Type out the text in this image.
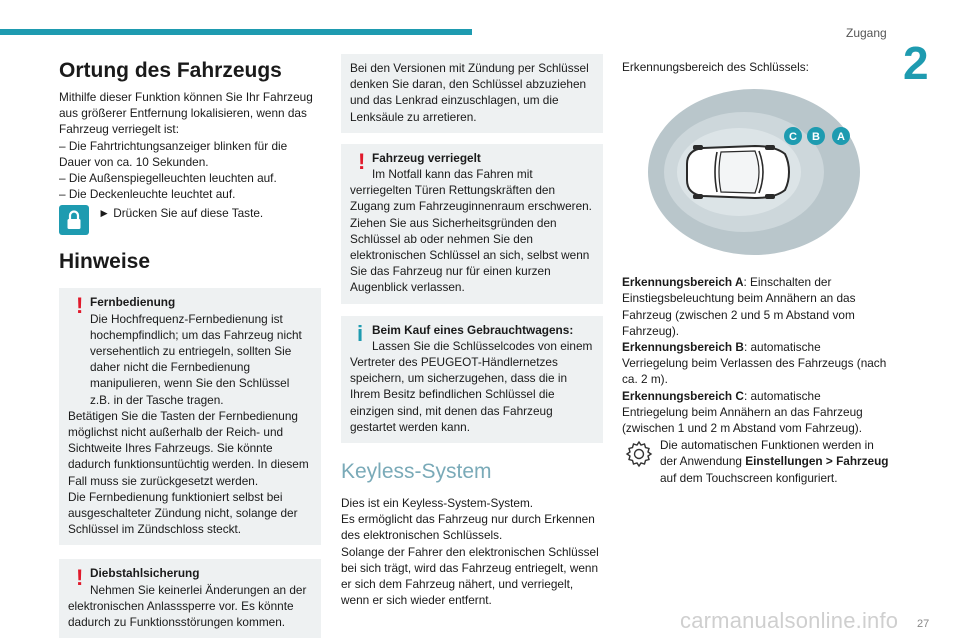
Zugang
2
Ortung des Fahrzeugs

Mithilfe dieser Funktion können Sie Ihr Fahrzeug aus größerer Entfernung lokalisieren, wenn das Fahrzeug verriegelt ist:

– Die Fahrtrichtungsanzeiger blinken für die Dauer von ca. 10 Sekunden.

– Die Außenspiegelleuchten leuchten auf.

– Die Deckenleuchte leuchtet auf.

► Drücken Sie auf diese Taste.
Hinweise
! Fernbedienung

Die Hochfrequenz-Fernbedienung ist hochempfindlich; um das Fahrzeug nicht versehentlich zu entriegeln, sollten Sie daher nicht die Fernbedienung manipulieren, wenn Sie den Schlüssel z.B. in der Tasche tragen.

Betätigen Sie die Tasten der Fernbedienung möglichst nicht außerhalb der Reich- und Sichtweite Ihres Fahrzeugs. Sie könnte dadurch funktionsuntüchtig werden. In diesem Fall muss sie zurückgesetzt werden.

Die Fernbedienung funktioniert selbst bei ausgeschalteter Zündung nicht, solange der Schlüssel im Zündschloss steckt.

! Diebstahlsicherung

Nehmen Sie keinerlei Änderungen an der elektronischen Anlasssperre vor. Es könnte dadurch zu Funktionsstörungen kommen.

Bei den Versionen mit Zündung per Schlüssel denken Sie daran, den Schlüssel abzuziehen und das Lenkrad einzuschlagen, um die Lenksäule zu arretieren.

! Fahrzeug verriegelt

Im Notfall kann das Fahren mit verriegelten Türen Rettungskräften den Zugang zum Fahrzeuginnenraum erschweren.

Ziehen Sie aus Sicherheitsgründen den Schlüssel ab oder nehmen Sie den elektronischen Schlüssel an sich, selbst wenn Sie das Fahrzeug nur für einen kurzen Augenblick verlassen.

i Beim Kauf eines Gebrauchtwagens:

Lassen Sie die Schlüsselcodes von einem Vertreter des PEUGEOT-Händlernetzes speichern, um sicherzugehen, dass die in Ihrem Besitz befindlichen Schlüssel die einzigen sind, mit denen das Fahrzeug gestartet werden kann.

Keyless-System

Dies ist ein Keyless-System-System.

Es ermöglicht das Fahrzeug nur durch Erkennen des elektronischen Schlüssels.

Solange der Fahrer den elektronischen Schlüssel bei sich trägt, wird das Fahrzeug entriegelt, wenn er sich dem Fahrzeug nähert, und verriegelt, wenn er sich wieder entfernt.

Erkennungsbereich des Schlüssels:

C B A

Erkennungsbereich A: Einschalten der Einstiegsbeleuchtung beim Annähern an das Fahrzeug (zwischen 2 und 5 m Abstand vom Fahrzeug).

Erkennungsbereich B: automatische Verriegelung beim Verlassen des Fahrzeugs (nach ca. 2 m).

Erkennungsbereich C: automatische Entriegelung beim Annähern an das Fahrzeug (zwischen 1 und 2 m Abstand vom Fahrzeug).

Die automatischen Funktionen werden in der Anwendung Einstellungen > Fahrzeug auf dem Touchscreen konfiguriert.

carmanualsonline.info 27
